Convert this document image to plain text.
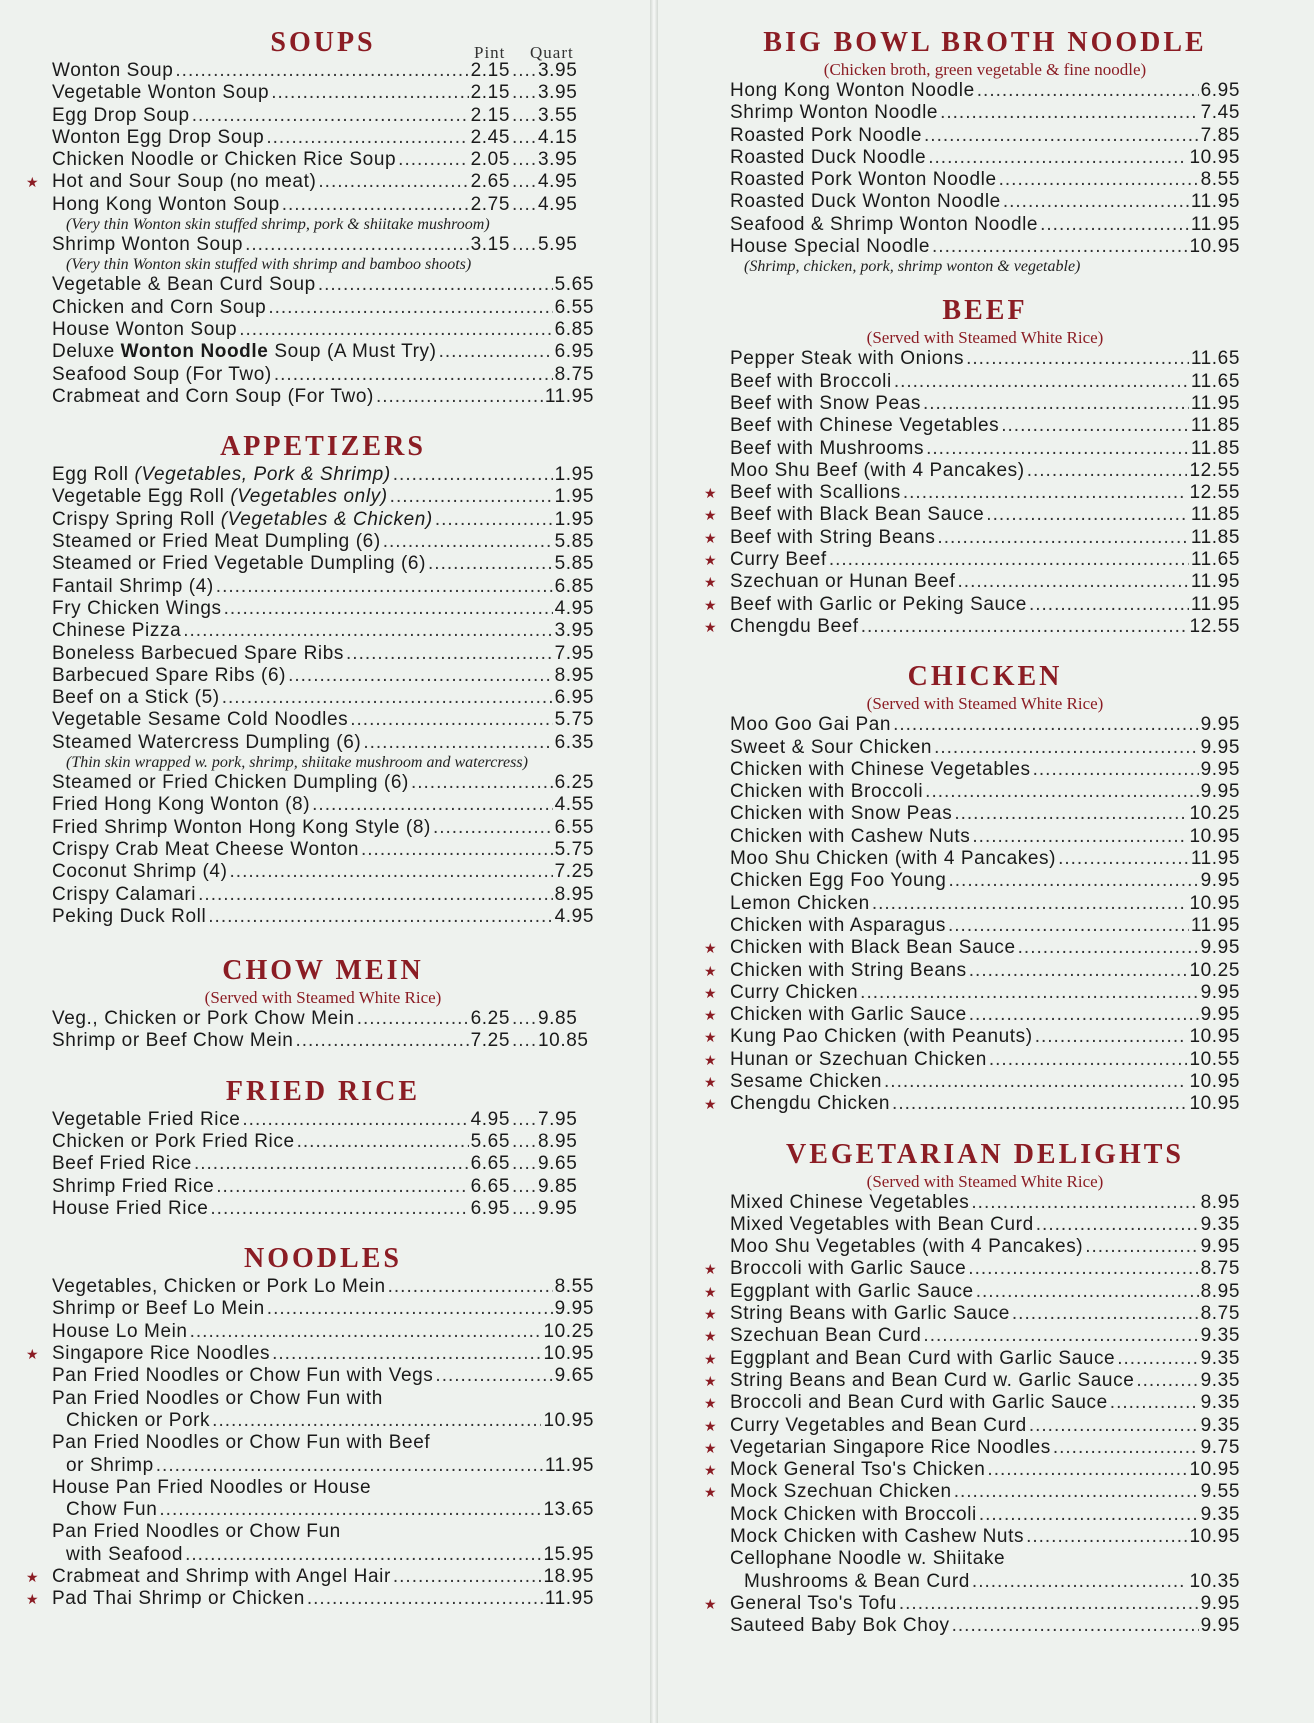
SOUPS	Pint Quart
Wonton Soup .....	2.15 ..... 3.95
Vegetable Wonton Soup .....	2.15 ..... 3.95
Egg Drop Soup .....	2.15 ..... 3.55
Wonton Egg Drop Soup .....	2.45 ..... 4.15
Chicken Noodle or Chicken Rice Soup .....	2.05 ..... 3.95
★ Hot and Sour Soup (no meat) .....	2.65 ..... 4.95
Hong Kong Wonton Soup .....	2.75 ..... 4.95
(Very thin Wonton skin stuffed shrimp, pork & shiitake mushroom)
Shrimp Wonton Soup .....	3.15 ..... 5.95
(Very thin Wonton skin stuffed with shrimp and bamboo shoots)
Vegetable & Bean Curd Soup .....	5.65
Chicken and Corn Soup .....	6.55
House Wonton Soup .....	6.85
Deluxe Wonton Noodle Soup (A Must Try) .....	6.95
Seafood Soup (For Two) .....	8.75
Crabmeat and Corn Soup (For Two) .....	11.95
APPETIZERS
Egg Roll (Vegetables, Pork & Shrimp) .....	1.95
Vegetable Egg Roll (Vegetables only) .....	1.95
Crispy Spring Roll (Vegetables & Chicken) .....	1.95
Steamed or Fried Meat Dumpling (6) .....	5.85
Steamed or Fried Vegetable Dumpling (6) .....	5.85
Fantail Shrimp (4) .....	6.85
Fry Chicken Wings .....	4.95
Chinese Pizza .....	3.95
Boneless Barbecued Spare Ribs .....	7.95
Barbecued Spare Ribs (6) .....	8.95
Beef on a Stick (5) .....	6.95
Vegetable Sesame Cold Noodles .....	5.75
Steamed Watercress Dumpling (6) .....	6.35
(Thin skin wrapped w. pork, shrimp, shiitake mushroom and watercress)
Steamed or Fried Chicken Dumpling (6) .....	6.25
Fried Hong Kong Wonton (8) .....	4.55
Fried Shrimp Wonton Hong Kong Style (8) .....	6.55
Crispy Crab Meat Cheese Wonton .....	5.75
Coconut Shrimp (4) .....	7.25
Crispy Calamari .....	8.95
Peking Duck Roll .....	4.95
CHOW MEIN
(Served with Steamed White Rice)
Veg., Chicken or Pork Chow Mein .....	6.25 ..... 9.85
Shrimp or Beef Chow Mein .....	7.25 ..... 10.85
FRIED RICE
Vegetable Fried Rice .....	4.95 ..... 7.95
Chicken or Pork Fried Rice .....	5.65 ..... 8.95
Beef Fried Rice .....	6.65 ..... 9.65
Shrimp Fried Rice .....	6.65 ..... 9.85
House Fried Rice .....	6.95 ..... 9.95
NOODLES
Vegetables, Chicken or Pork Lo Mein .....	8.55
Shrimp or Beef Lo Mein .....	9.95
House Lo Mein .....	10.25
★ Singapore Rice Noodles .....	10.95
Pan Fried Noodles or Chow Fun with Vegs .....	9.65
Pan Fried Noodles or Chow Fun with
Chicken or Pork .....	10.95
Pan Fried Noodles or Chow Fun with Beef
or Shrimp .....	11.95
House Pan Fried Noodles or House
Chow Fun .....	13.65
Pan Fried Noodles or Chow Fun
with Seafood .....	15.95
★ Crabmeat and Shrimp with Angel Hair .....	18.95
★ Pad Thai Shrimp or Chicken .....	11.95
BIG BOWL BROTH NOODLE
(Chicken broth, green vegetable & fine noodle)
Hong Kong Wonton Noodle .....	6.95
Shrimp Wonton Noodle .....	7.45
Roasted Pork Noodle .....	7.85
Roasted Duck Noodle .....	10.95
Roasted Pork Wonton Noodle .....	8.55
Roasted Duck Wonton Noodle .....	11.95
Seafood & Shrimp Wonton Noodle .....	11.95
House Special Noodle .....	10.95
(Shrimp, chicken, pork, shrimp wonton & vegetable)
BEEF
(Served with Steamed White Rice)
Pepper Steak with Onions .....	11.65
Beef with Broccoli .....	11.65
Beef with Snow Peas .....	11.95
Beef with Chinese Vegetables .....	11.85
Beef with Mushrooms .....	11.85
Moo Shu Beef (with 4 Pancakes) .....	12.55
★ Beef with Scallions .....	12.55
★ Beef with Black Bean Sauce .....	11.85
★ Beef with String Beans .....	11.85
★ Curry Beef .....	11.65
★ Szechuan or Hunan Beef .....	11.95
★ Beef with Garlic or Peking Sauce .....	11.95
★ Chengdu Beef .....	12.55
CHICKEN
(Served with Steamed White Rice)
Moo Goo Gai Pan .....	9.95
Sweet & Sour Chicken .....	9.95
Chicken with Chinese Vegetables .....	9.95
Chicken with Broccoli .....	9.95
Chicken with Snow Peas .....	10.25
Chicken with Cashew Nuts .....	10.95
Moo Shu Chicken (with 4 Pancakes) .....	11.95
Chicken Egg Foo Young .....	9.95
Lemon Chicken .....	10.95
Chicken with Asparagus .....	11.95
★ Chicken with Black Bean Sauce .....	9.95
★ Chicken with String Beans .....	10.25
★ Curry Chicken .....	9.95
★ Chicken with Garlic Sauce .....	9.95
★ Kung Pao Chicken (with Peanuts) .....	10.95
★ Hunan or Szechuan Chicken .....	10.55
★ Sesame Chicken .....	10.95
★ Chengdu Chicken .....	10.95
VEGETARIAN DELIGHTS
(Served with Steamed White Rice)
Mixed Chinese Vegetables .....	8.95
Mixed Vegetables with Bean Curd .....	9.35
Moo Shu Vegetables (with 4 Pancakes) .....	9.95
★ Broccoli with Garlic Sauce .....	8.75
★ Eggplant with Garlic Sauce .....	8.95
★ String Beans with Garlic Sauce .....	8.75
★ Szechuan Bean Curd .....	9.35
★ Eggplant and Bean Curd with Garlic Sauce .....	9.35
★ String Beans and Bean Curd w. Garlic Sauce .....	9.35
★ Broccoli and Bean Curd with Garlic Sauce .....	9.35
★ Curry Vegetables and Bean Curd .....	9.35
★ Vegetarian Singapore Rice Noodles .....	9.75
★ Mock General Tso's Chicken .....	10.95
★ Mock Szechuan Chicken .....	9.55
Mock Chicken with Broccoli .....	9.35
Mock Chicken with Cashew Nuts .....	10.95
Cellophane Noodle w. Shiitake
Mushrooms & Bean Curd .....	10.35
★ General Tso's Tofu .....	9.95
Sauteed Baby Bok Choy .....	9.95
